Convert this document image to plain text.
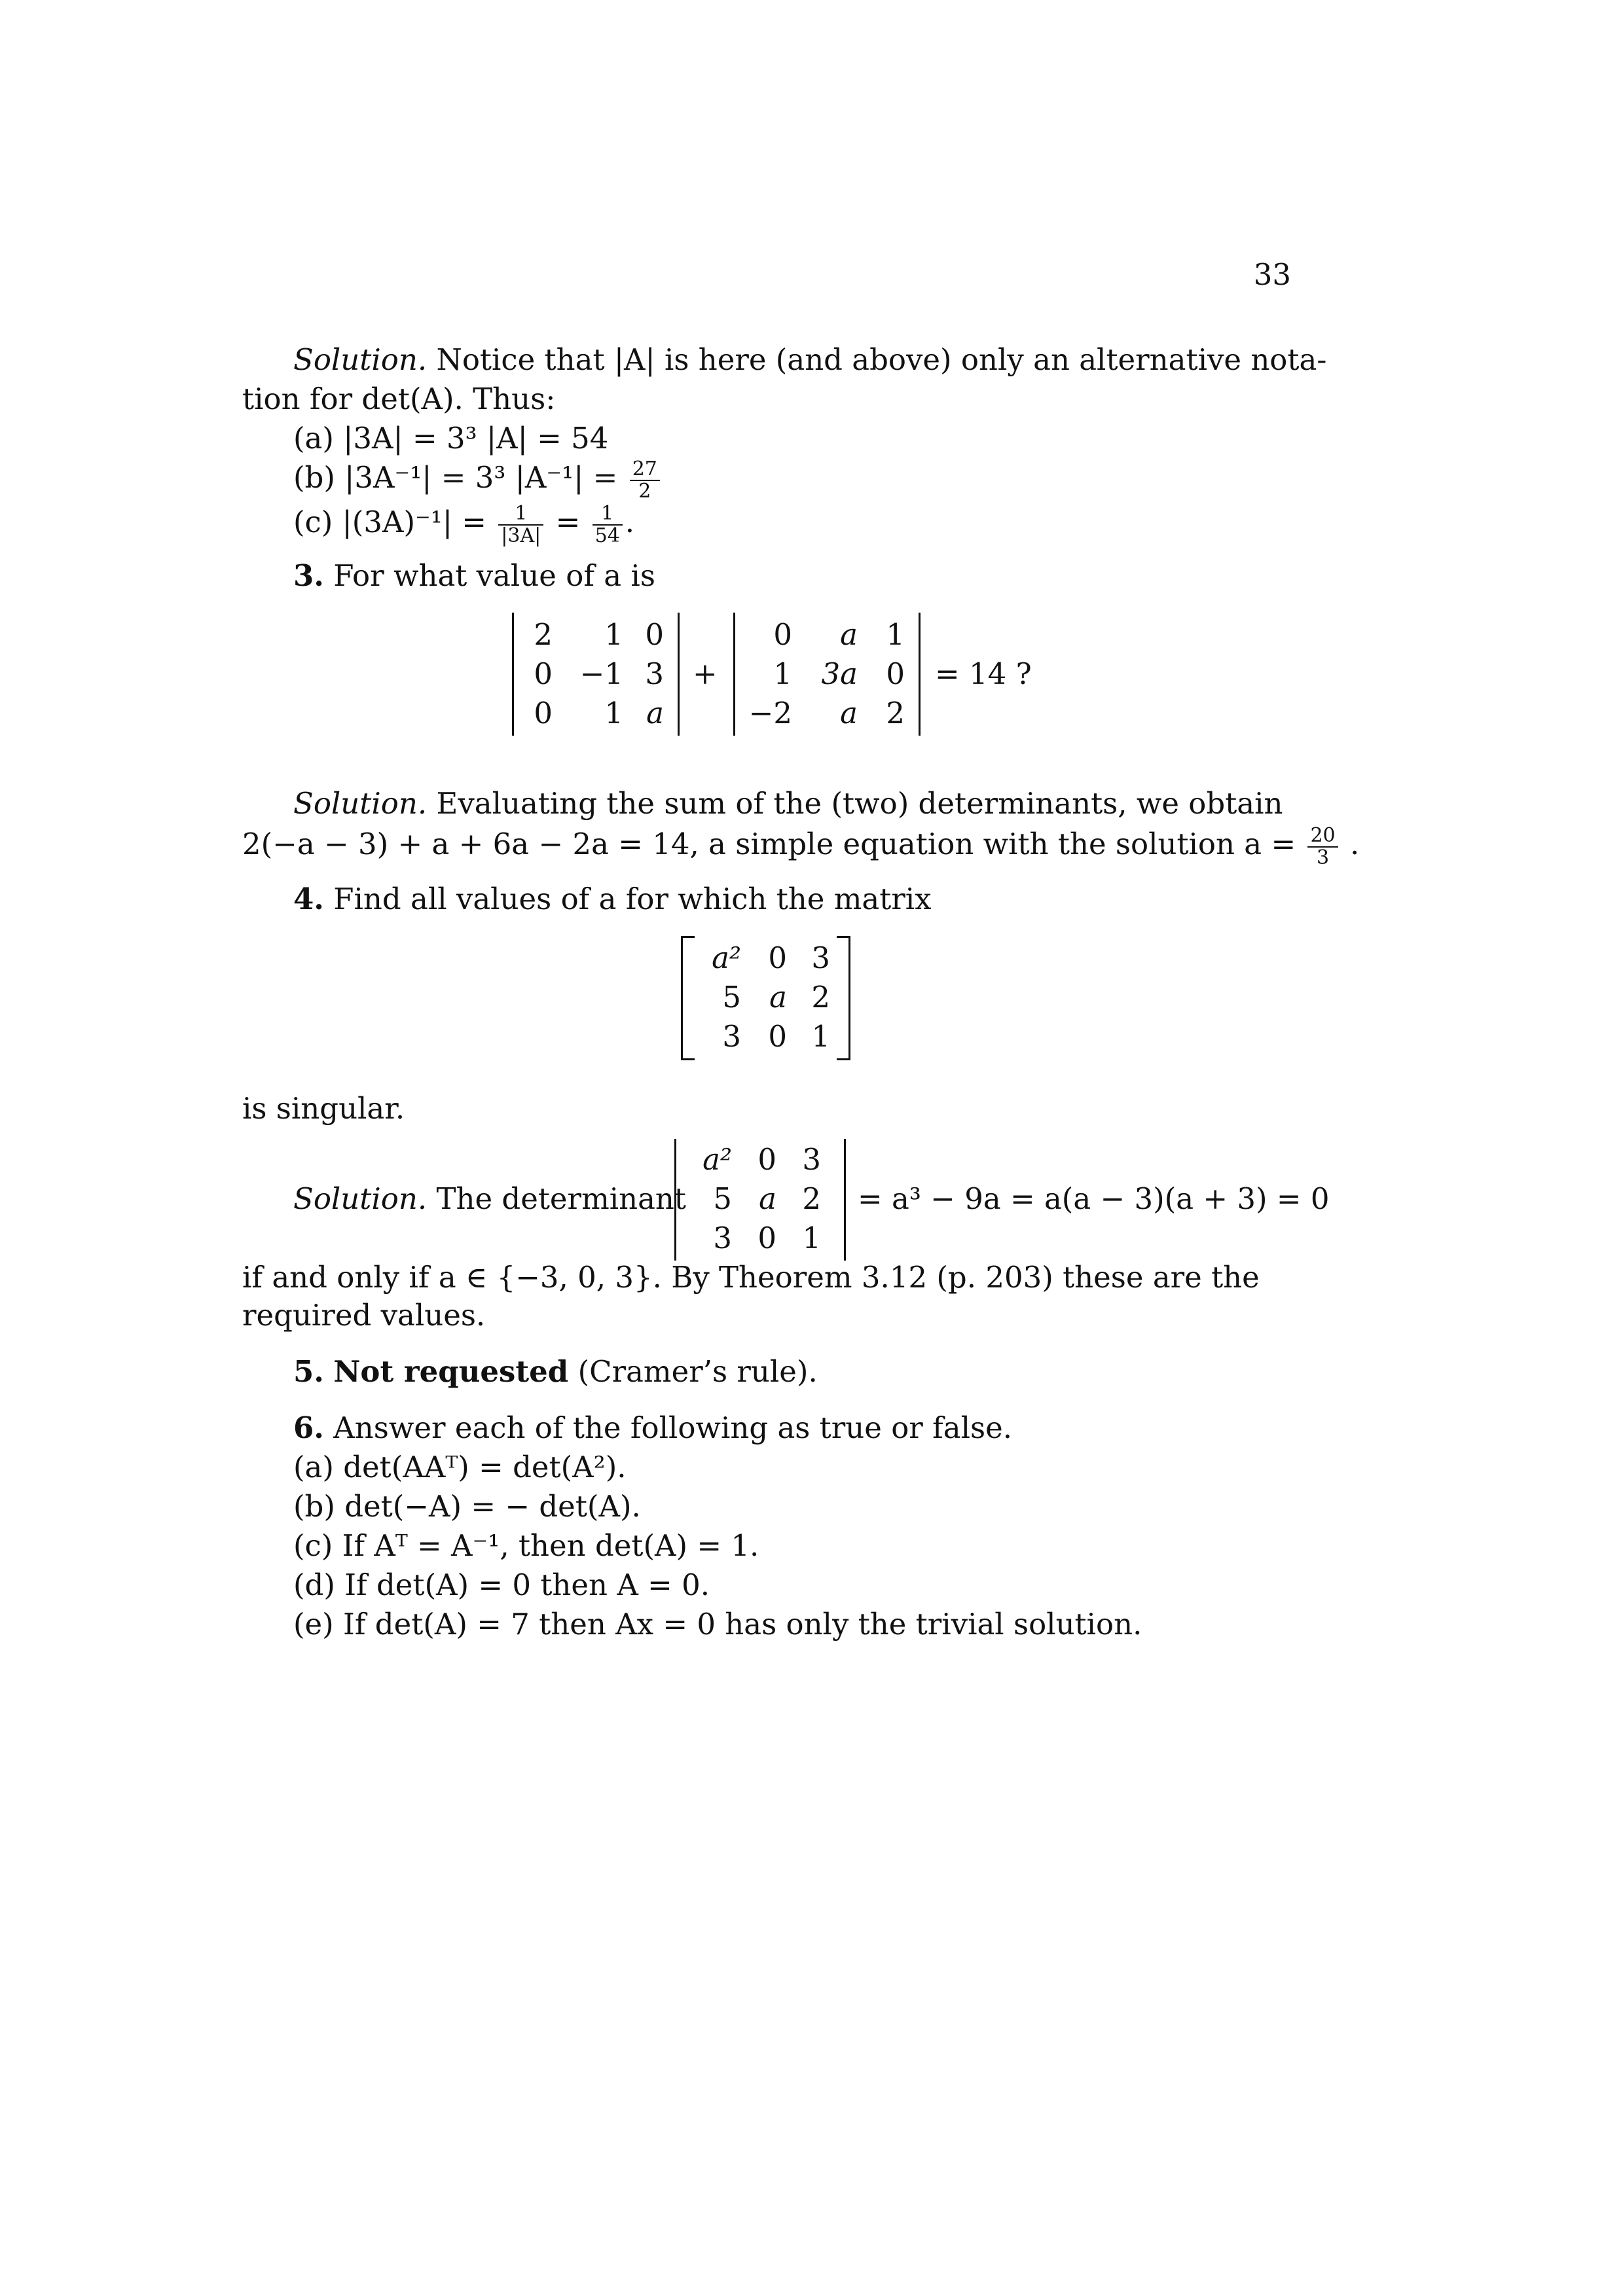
33
Solution. Notice that |A| is here (and above) only an alternative nota-
tion for det(A). Thus:
(a) |3A| = 3³ |A| = 54
(b) |3A⁻¹| = 3³ $|A^{-1}| = \frac{27}{2}$
(c) $|(3A)^{-1}| = \frac{1}{|3A|} = \frac{1}{54}$ .
3. For what value of a is
2	1 0
0 −1 3
0	1 a
+
0	a 1
1 3a 0
−2	a 2
= 14 ?
Solution. Evaluating the sum of the (two) determinants, we obtain
2(−a − 3) + a + 6a − 2a = 14, a simple equation with the solution $a = \frac{20}{3}$ .
4. Find all values of a for which the matrix
a² 0 3
5 a 2
3 0 1
is singular.
Solution. The determinant
a² 0 3
5 a 2
3 0 1
= a³ − 9a = a(a − 3)(a + 3) = 0
if and only if a ∈ {−3, 0, 3}. By Theorem 3.12 (p. 203) these are the
required values.
5. Not requested (Cramer’s rule).
6. Answer each of the following as true or false.
(a) det(AAᵀ) = det(A²).
(b) det(−A) = − det(A).
(c) If Aᵀ = A⁻¹, then det(A) = 1.
(d) If det(A) = 0 then A = 0.
(e) If det(A) = 7 then Ax = 0 has only the trivial solution.
